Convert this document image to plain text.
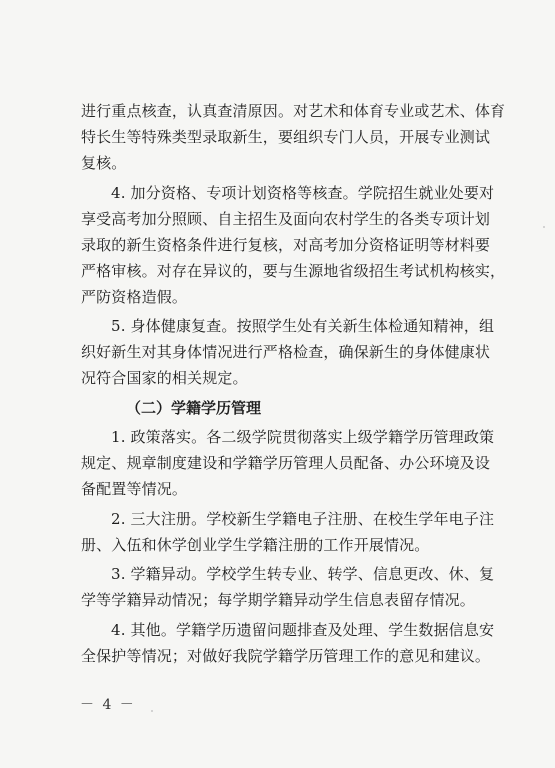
进行重点核查，认真查清原因。对艺术和体育专业或艺术、体育
特长生等特殊类型录取新生，要组织专门人员，开展专业测试
复核。
4. 加分资格、专项计划资格等核查。学院招生就业处要对
享受高考加分照顾、自主招生及面向农村学生的各类专项计划
录取的新生资格条件进行复核，对高考加分资格证明等材料要
严格审核。对存在异议的，要与生源地省级招生考试机构核实，
严防资格造假。
5. 身体健康复查。按照学生处有关新生体检通知精神，组
织好新生对其身体情况进行严格检查，确保新生的身体健康状
况符合国家的相关规定。
（二）学籍学历管理
1. 政策落实。各二级学院贯彻落实上级学籍学历管理政策
规定、规章制度建设和学籍学历管理人员配备、办公环境及设
备配置等情况。
2. 三大注册。学校新生学籍电子注册、在校生学年电子注
册、入伍和休学创业学生学籍注册的工作开展情况。
3. 学籍异动。学校学生转专业、转学、信息更改、休、复
学等学籍异动情况；每学期学籍异动学生信息表留存情况。
4. 其他。学籍学历遗留问题排查及处理、学生数据信息安
全保护等情况；对做好我院学籍学历管理工作的意见和建议。
－ 4 －
